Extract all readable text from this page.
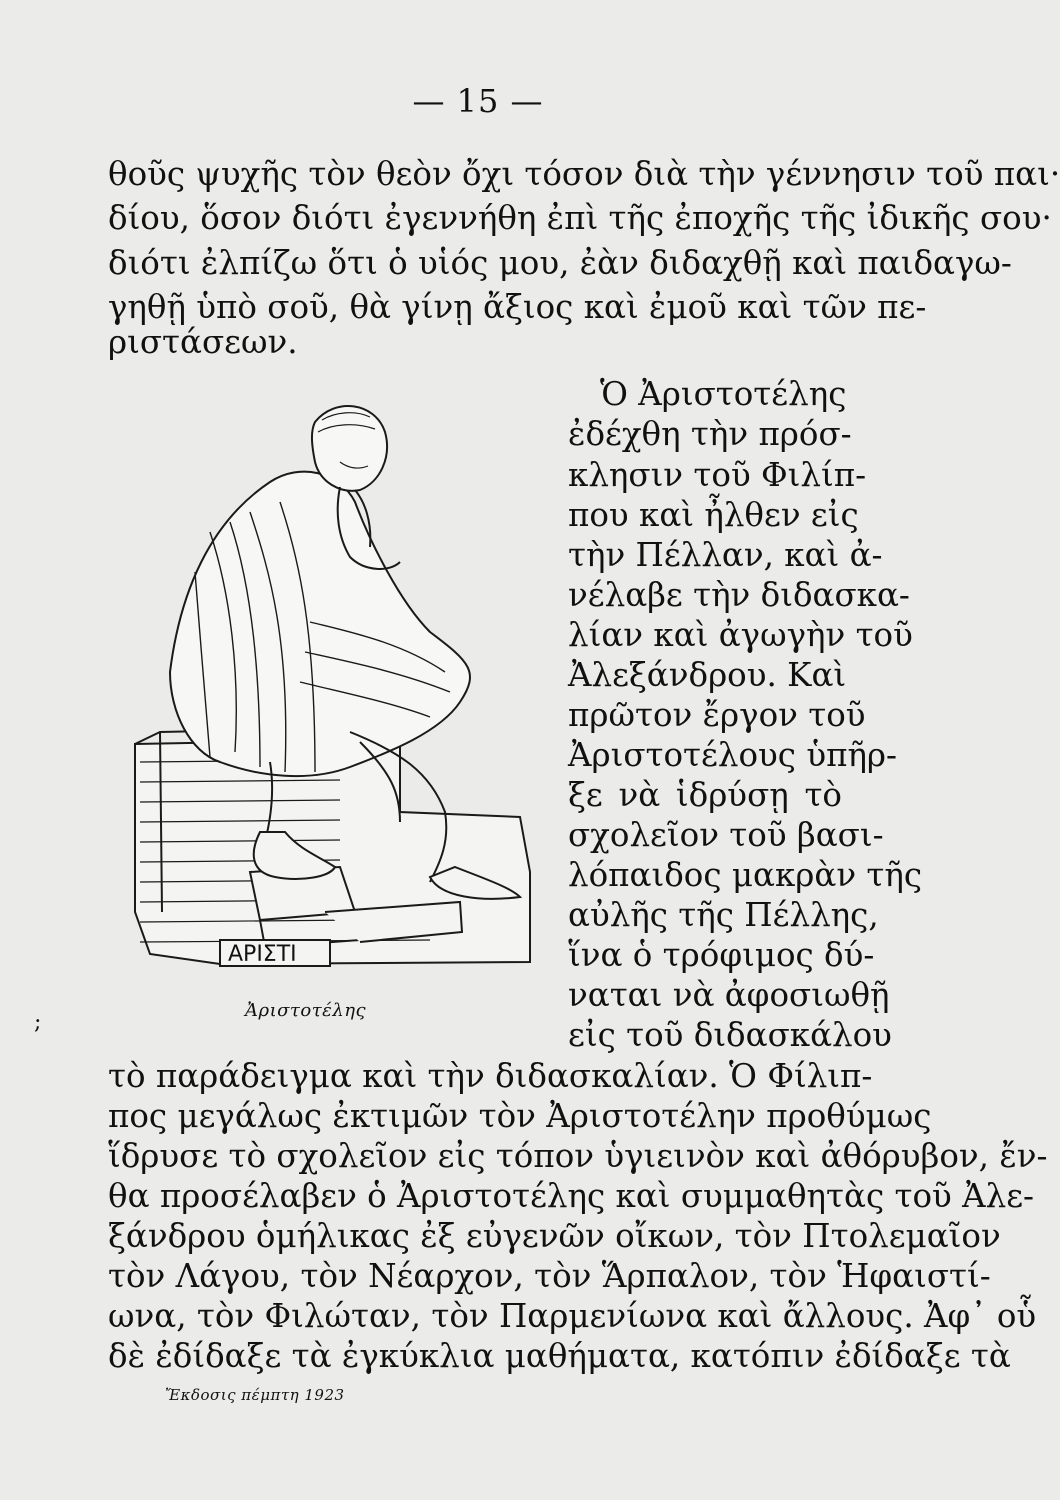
— 15 —
θοῦς ψυχῆς τὸν θεὸν ὄχι τόσον διὰ τὴν γέννησιν τοῦ παι·
δίου, ὅσον διότι ἐγεννήθη ἐπὶ τῆς ἐποχῆς τῆς ἰδικῆς σου·
διότι ἐλπίζω ὅτι ὁ υἱός μου, ἐὰν διδαχθῇ καὶ παιδαγω-
γηθῇ ὑπὸ σοῦ, θὰ γίνῃ ἄξιος καὶ ἐμοῦ καὶ τῶν πε-
ριστάσεων.
Ὁ Ἀριστοτέλης
ἐδέχθη τὴν πρόσ-
κλησιν τοῦ Φιλίπ-
που καὶ ἦλθεν εἰς
τὴν Πέλλαν, καὶ ἀ-
νέλαβε τὴν διδασκα-
λίαν καὶ ἀγωγὴν τοῦ
Ἀλεξάνδρου. Καὶ
πρῶτον ἔργον τοῦ
Ἀριστοτέλους ὑπῆρ-
ξε νὰ ἱδρύσῃ τὸ
σχολεῖον τοῦ βασι-
λόπαιδος μακρὰν τῆς
αὐλῆς τῆς Πέλλης,
ἵνα ὁ τρόφιμος δύ-
ναται νὰ ἀφοσιωθῇ
εἰς τοῦ διδασκάλου
ΑΡΙΣΤΙ
Ἀριστοτέλης
;
τὸ παράδειγμα καὶ τὴν διδασκαλίαν. Ὁ Φίλιπ-
πος μεγάλως ἐκτιμῶν τὸν Ἀριστοτέλην προθύμως
ἵδρυσε τὸ σχολεῖον εἰς τόπον ὑγιεινὸν καὶ ἀθόρυβον, ἔν-
θα προσέλαβεν ὁ Ἀριστοτέλης καὶ συμμαθητὰς τοῦ Ἀλε-
ξάνδρου ὁμήλικας ἐξ εὐγενῶν οἴκων, τὸν Πτολεμαῖον
τὸν Λάγου, τὸν Νέαρχον, τὸν Ἅρπαλον, τὸν Ἡφαιστί-
ωνα, τὸν Φιλώταν, τὸν Παρμενίωνα καὶ ἄλλους. Ἀφ᾽ οὗ
δὲ ἐδίδαξε τὰ ἐγκύκλια μαθήματα, κατόπιν ἐδίδαξε τὰ
Ἔκδοσις πέμπτη 1923
